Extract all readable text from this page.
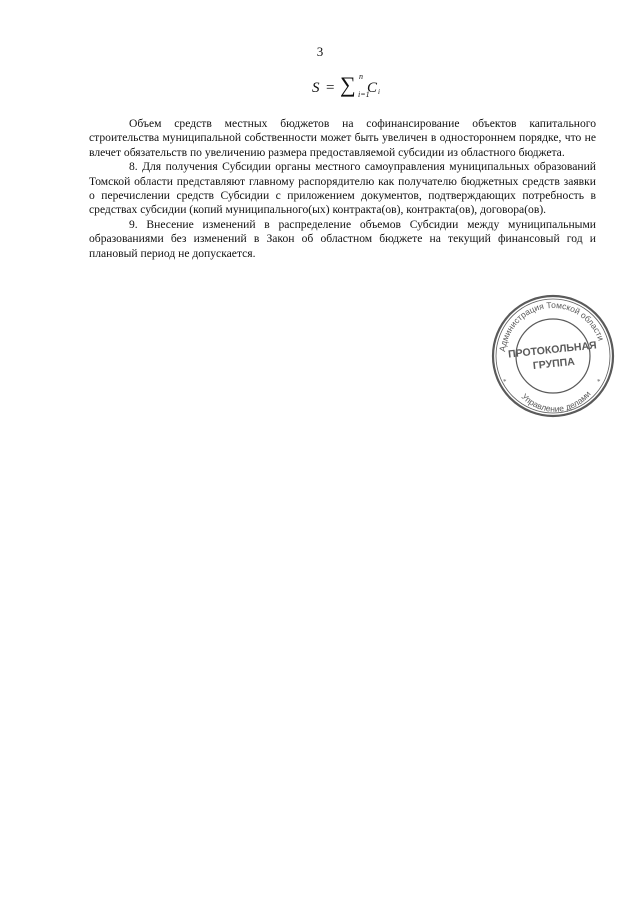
3
S = ∑ n
i=1
C i

Объем средств местных бюджетов на софинансирование объектов капитального строительства муниципальной собственности может быть увеличен в одностороннем порядке, что не влечет обязательств по увеличению размера предоставляемой субсидии из областного бюджета.

8. Для получения Субсидии органы местного самоуправления муниципальных образований Томской области представляют главному распорядителю как получателю бюджетных средств заявки о перечислении средств Субсидии с приложением документов, подтверждающих потребность в средствах субсидии (копий муниципального(ых) контракта(ов), контракта(ов), договора(ов).

9. Внесение изменений в распределение объемов Субсидии между муниципальными образованиями без изменений в Закон об областном бюджете на текущий финансовый год и плановый период не допускается.

Администрация Томской области
Управление делами
ПРОТОКОЛЬНАЯ
ГРУППА
*	*
